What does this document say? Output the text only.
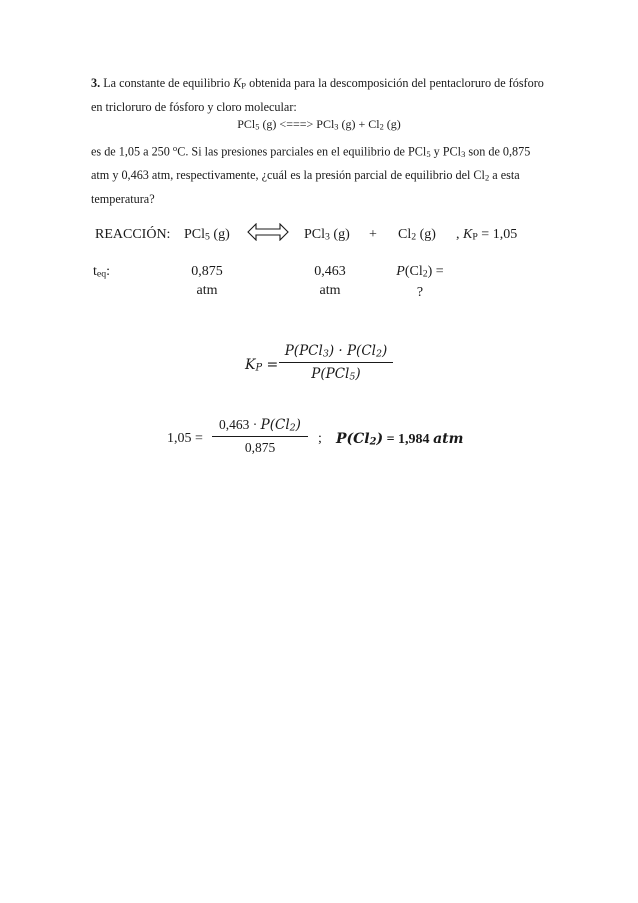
3. La constante de equilibrio KP obtenida para la descomposición del pentacloruro de fósforo en tricloruro de fósforo y cloro molecular:

PCl5 (g) <===> PCl3 (g) + Cl2 (g)

es de 1,05 a 250 $^o$C. Si las presiones parciales en el equilibrio de PCl5 y PCl3 son de 0,875 atm y 0,463 atm, respectivamente, ¿cuál es la presión parcial de equilibrio del Cl2 a esta temperatura?

REACCIÓN: PCl5 (g)	PCl3 (g) + Cl2 (g) , KP = 1,05
teq:	0,875
atm
0,463
atm
P(Cl2) =
?
KP =
P(PCl3) · P(Cl2)
P(PCl5)
$1,05 = \frac{0,463 \cdot P(Cl2)}{0,875}$ ; P(Cl2) = 1,984 atm
